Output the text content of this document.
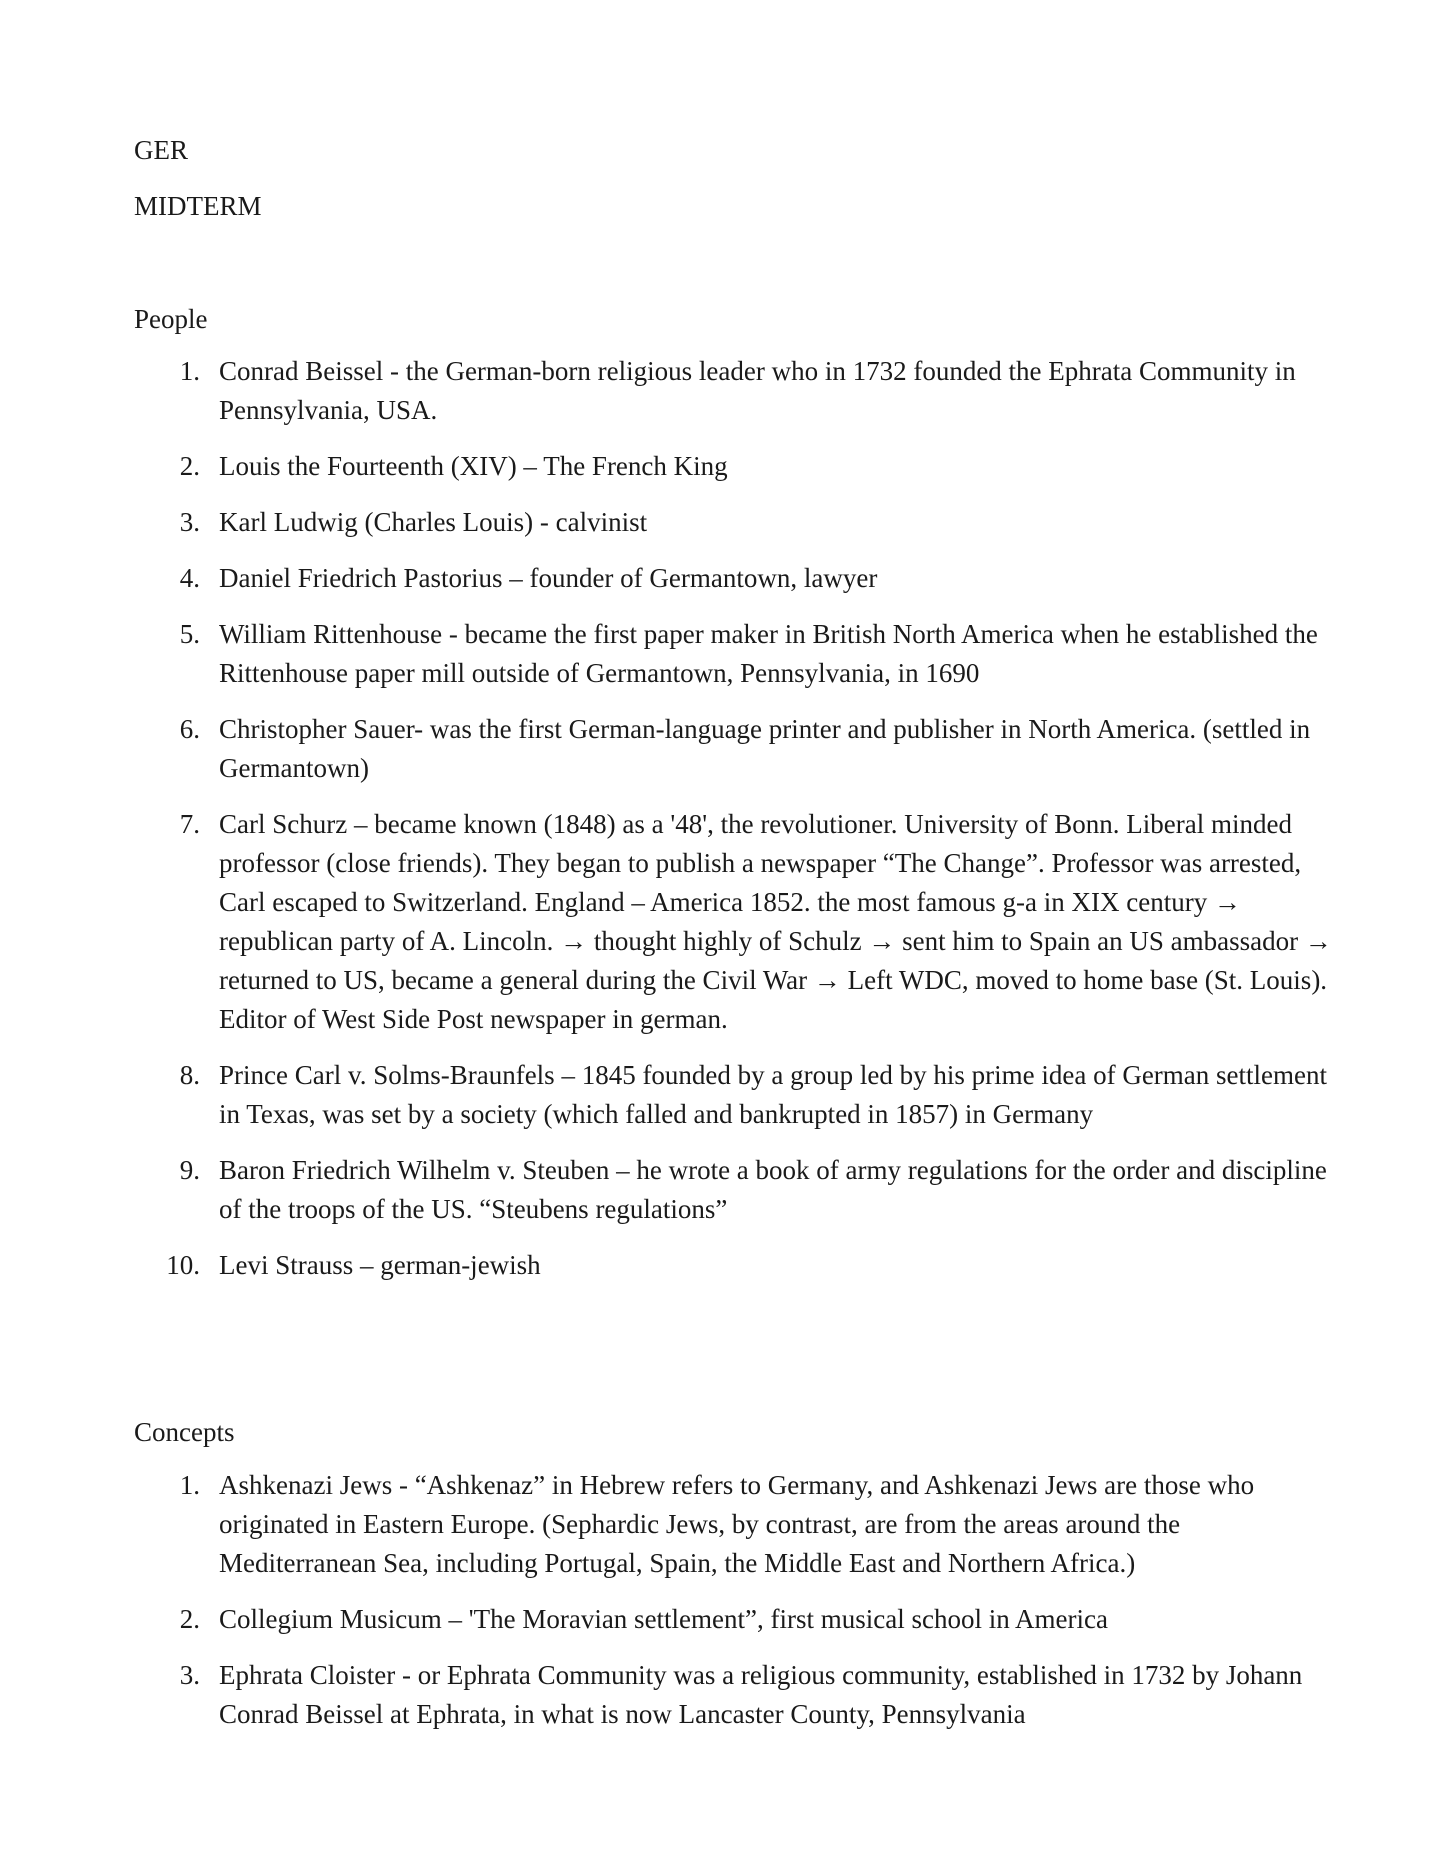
GER

MIDTERM

People

1. Conrad Beissel - the German-born religious leader who in 1732 founded the Ephrata Community in Pennsylvania, USA.
2. Louis the Fourteenth (XIV) – The French King
3. Karl Ludwig (Charles Louis) - calvinist
4. Daniel Friedrich Pastorius – founder of Germantown, lawyer
5. William Rittenhouse - became the first paper maker in British North America when he established the Rittenhouse paper mill outside of Germantown, Pennsylvania, in 1690
6. Christopher Sauer- was the first German-language printer and publisher in North America. (settled in Germantown)
7. Carl Schurz – became known (1848) as a '48', the revolutioner. University of Bonn. Liberal minded professor (close friends). They began to publish a newspaper “The Change”. Professor was arrested, Carl escaped to Switzerland. England – America 1852. the most famous g-a in XIX century → republican party of A. Lincoln. → thought highly of Schulz → sent him to Spain an US ambassador → returned to US, became a general during the Civil War → Left WDC, moved to home base (St. Louis). Editor of West Side Post newspaper in german.
8. Prince Carl v. Solms-Braunfels – 1845 founded by a group led by his prime idea of German settlement in Texas, was set by a society (which falled and bankrupted in 1857) in Germany
9. Baron Friedrich Wilhelm v. Steuben – he wrote a book of army regulations for the order and discipline of the troops of the US. “Steubens regulations”
10. Levi Strauss – german-jewish

Concepts

1. Ashkenazi Jews - “Ashkenaz” in Hebrew refers to Germany, and Ashkenazi Jews are those who originated in Eastern Europe. (Sephardic Jews, by contrast, are from the areas around the Mediterranean Sea, including Portugal, Spain, the Middle East and Northern Africa.)
2. Collegium Musicum – 'The Moravian settlement”, first musical school in America
3. Ephrata Cloister - or Ephrata Community was a religious community, established in 1732 by Johann Conrad Beissel at Ephrata, in what is now Lancaster County, Pennsylvania
